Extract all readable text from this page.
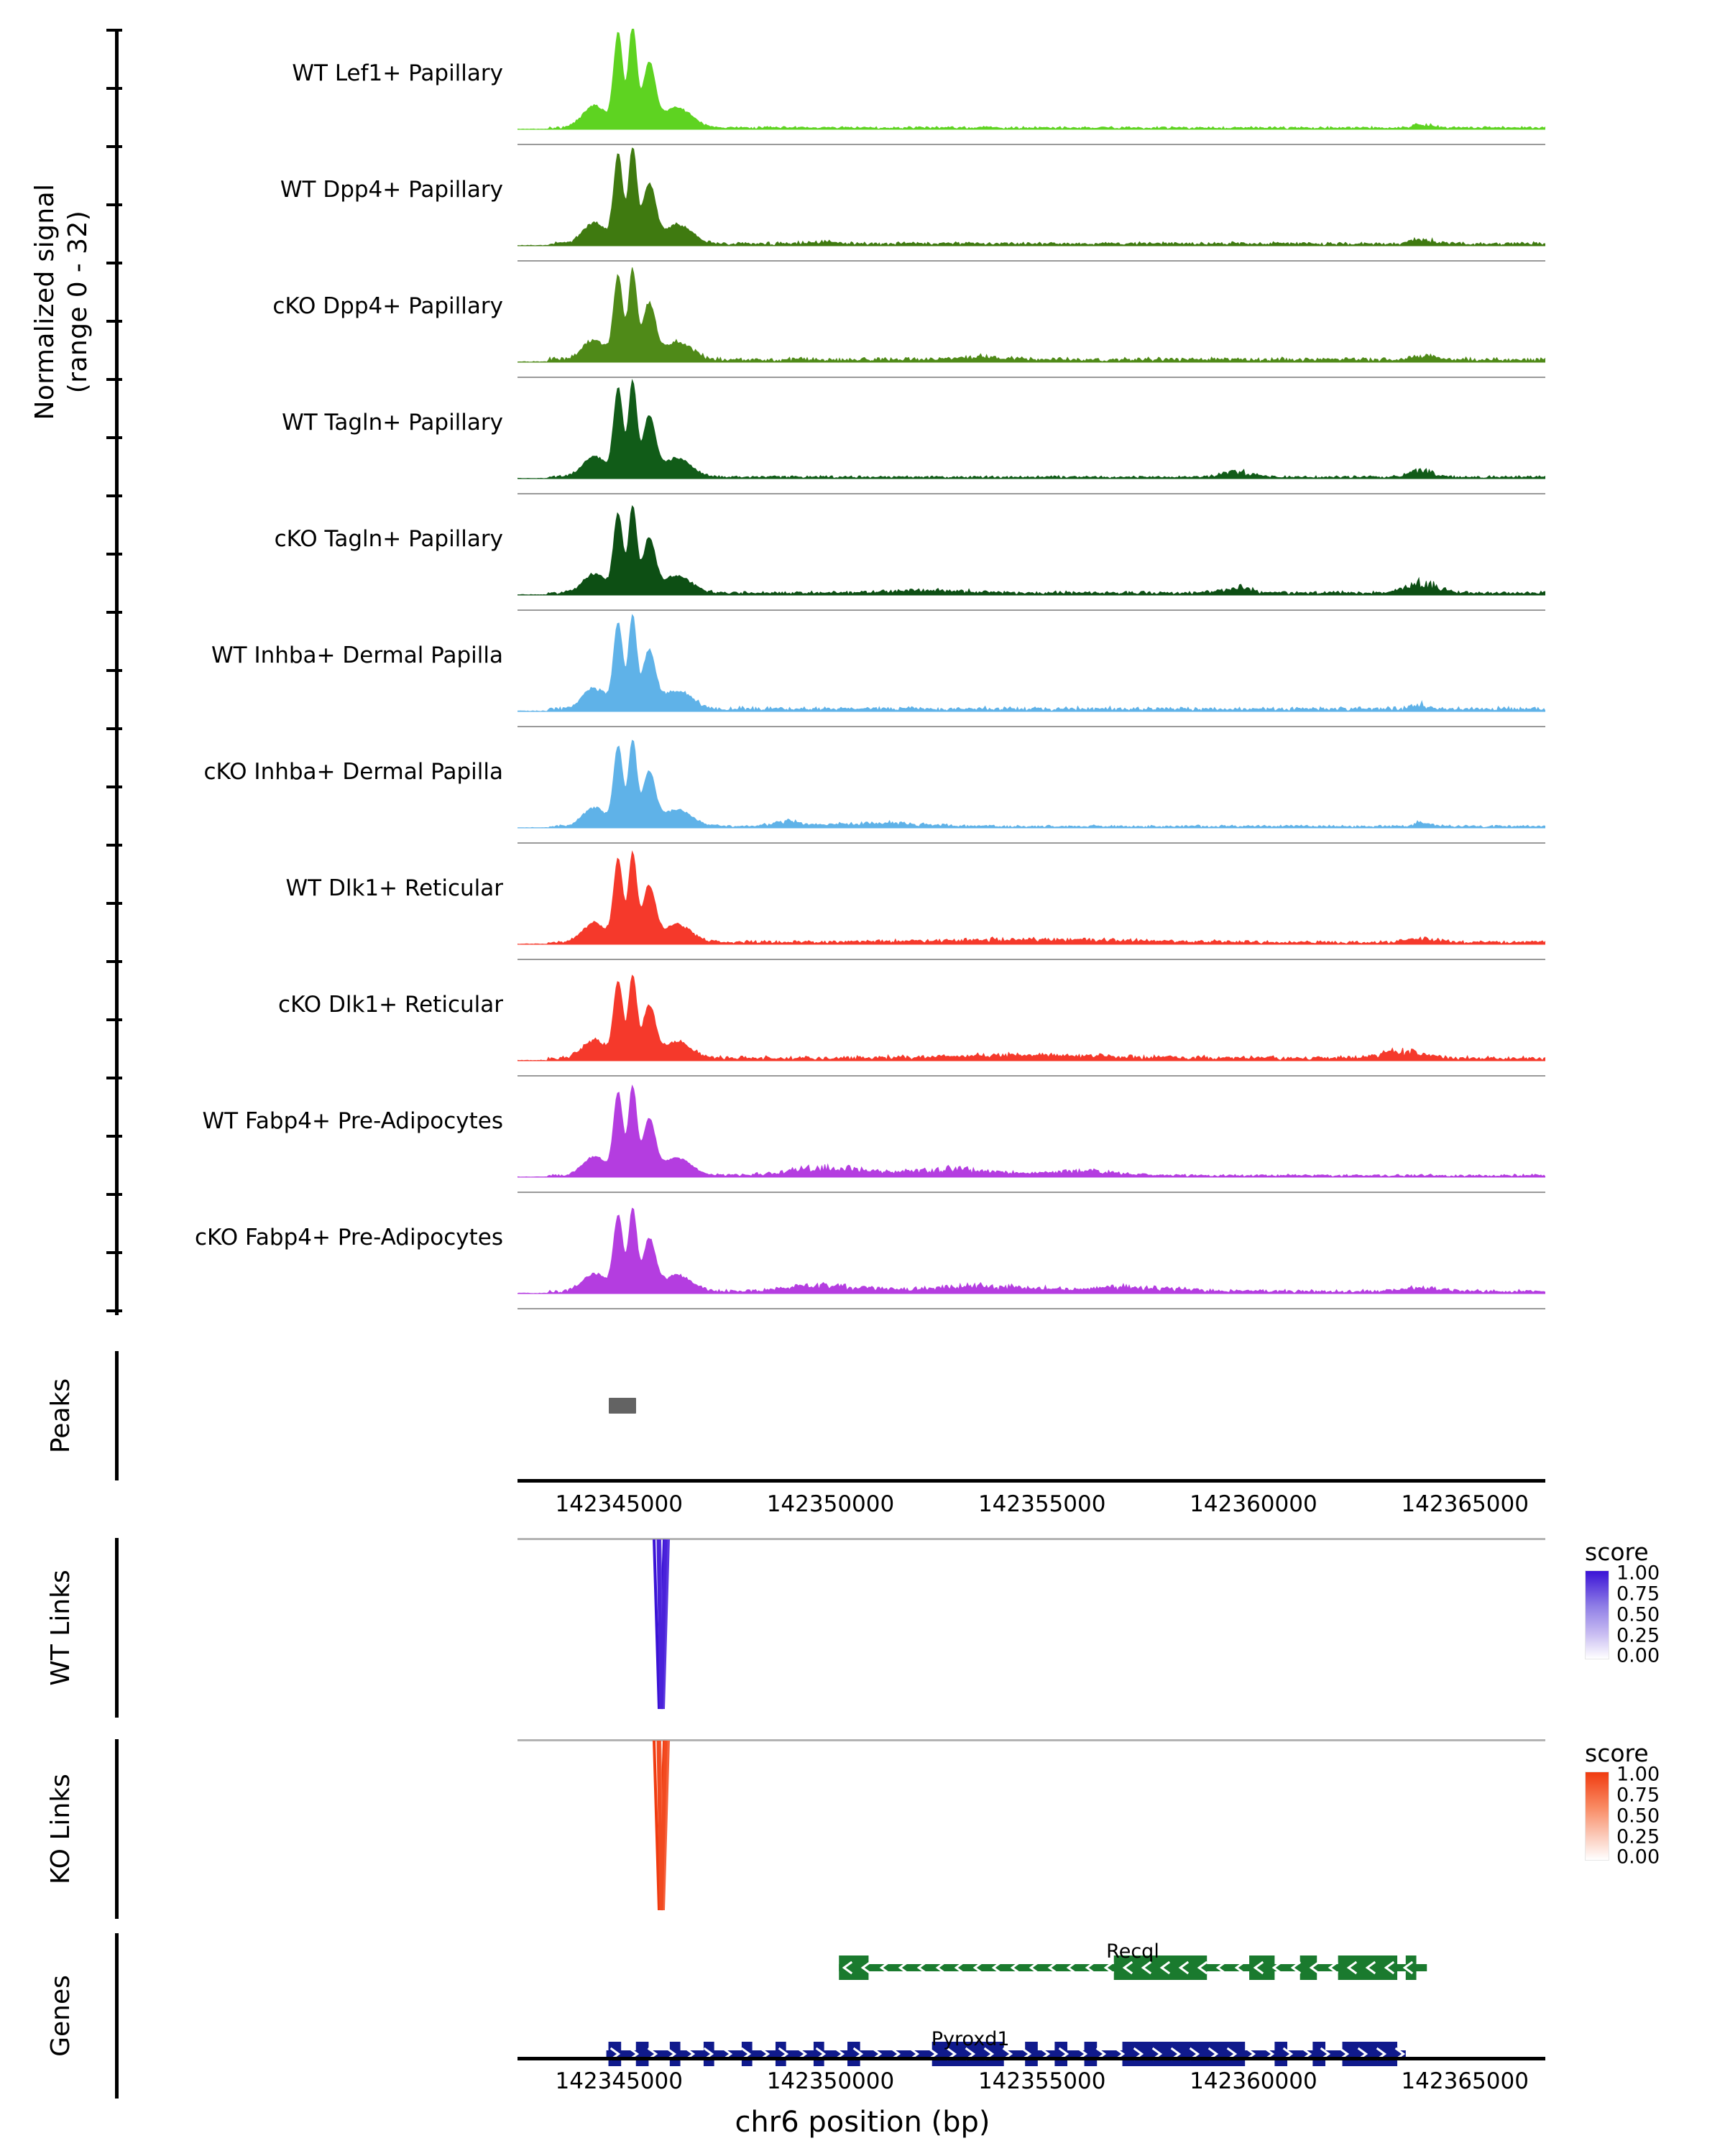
Normalized signal (range 0 - 32)
WT Lef1+ Papillary
WT Dpp4+ Papillary
cKO Dpp4+ Papillary
WT Tagln+ Papillary
cKO Tagln+ Papillary
WT Inhba+ Dermal Papilla
cKO Inhba+ Dermal Papilla
WT Dlk1+ Reticular
cKO Dlk1+ Reticular
WT Fabp4+ Pre-Adipocytes
cKO Fabp4+ Pre-Adipocytes
Peaks
142345000	142350000	142355000	142360000	142365000
WT Links
KO Links
score
1.00
0.75
0.50
0.25
0.00
score
1.00
0.75
0.50
0.25
0.00
Genes
Recql
Pyroxd1
142345000	142350000	142355000	142360000	142365000
chr6 position (bp)
